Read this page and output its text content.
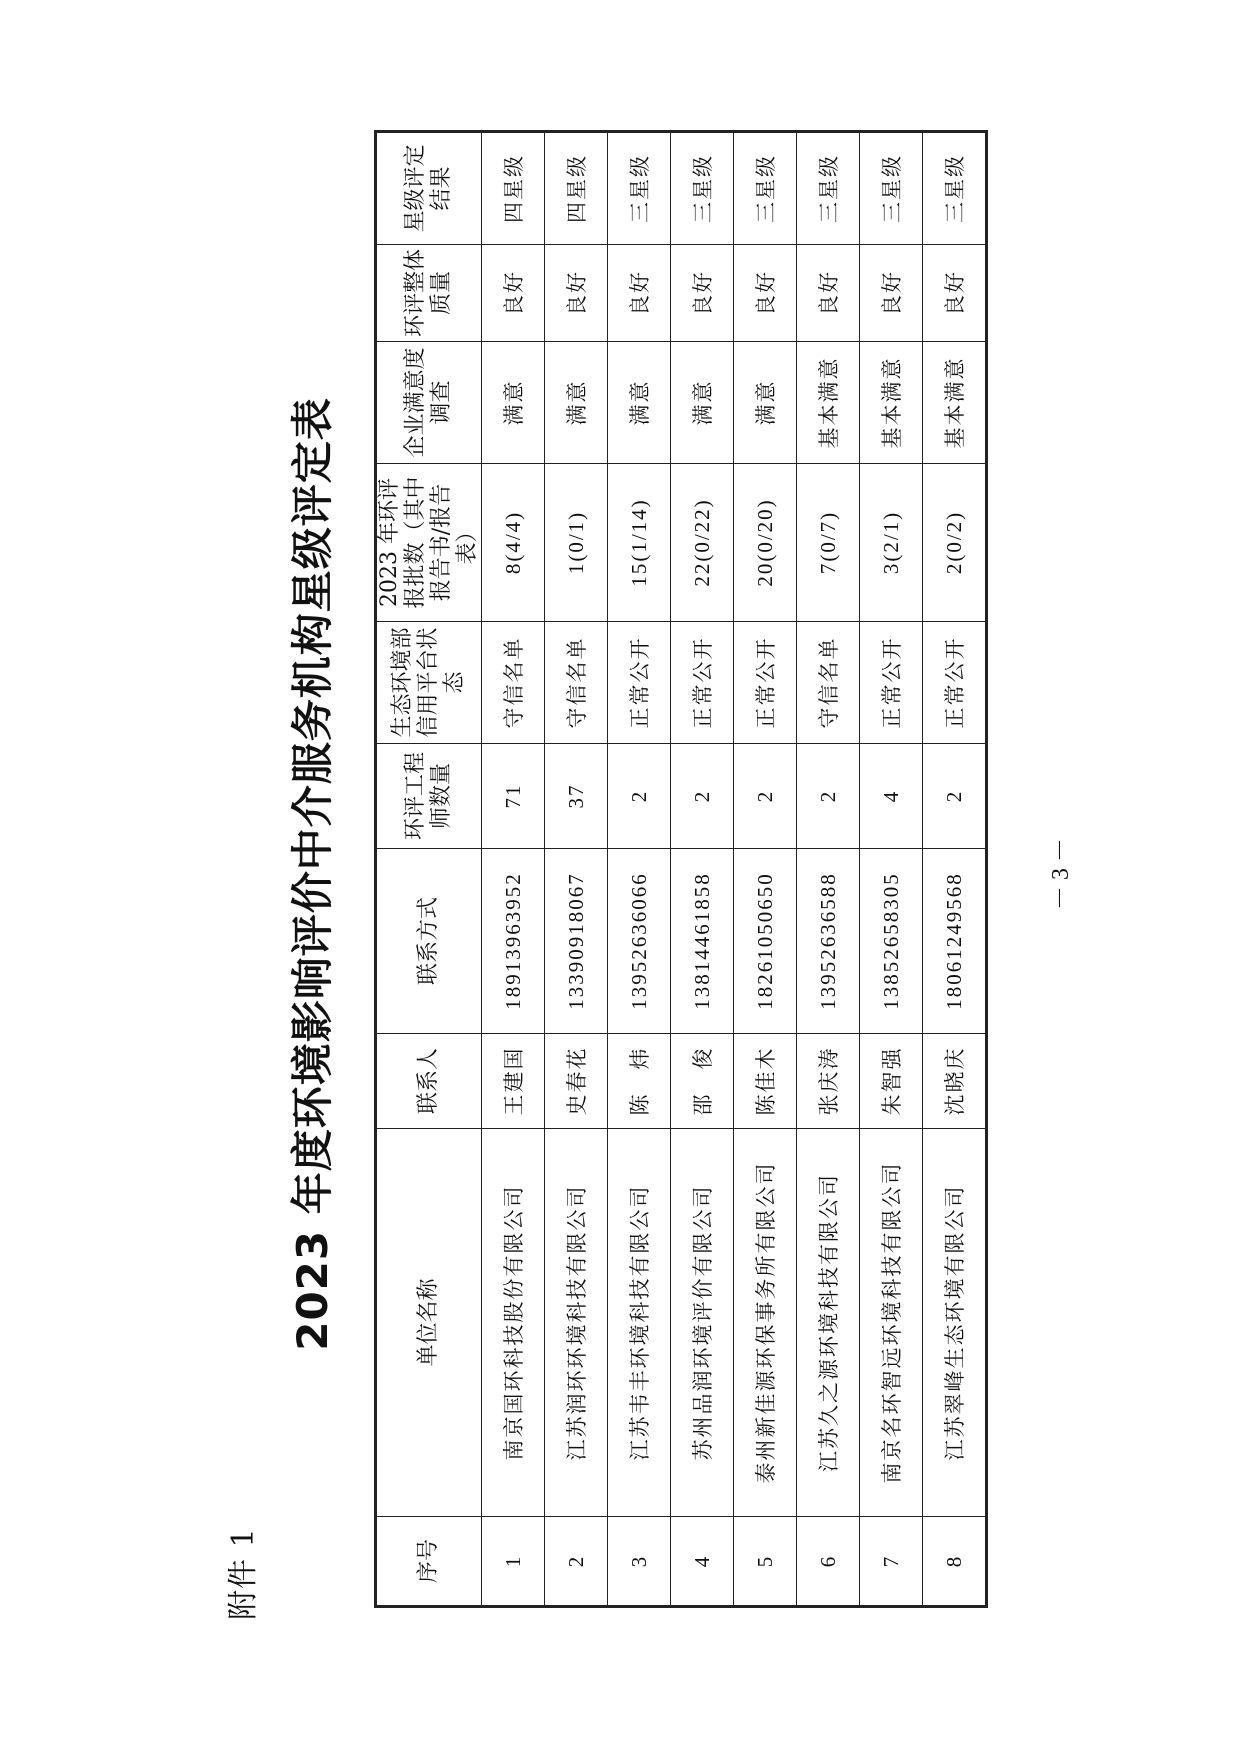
附件 1
2023 年度环境影响评价中介服务机构星级评定表
序号	单位名称	联系人	联系方式	环评工程师数量	生态环境部信用平台状态	2023 年环评报批数（其中报告书/报告表）	企业满意度调查	环评整体质量	星级评定结果
1	南京国环科技股份有限公司	王建国	18913963952	71	守信名单	8(4/4)	满意	良好	四星级
2	江苏润环环境科技有限公司	史春花	13390918067	37	守信名单	1(0/1)	满意	良好	四星级
3	江苏韦丰环境科技有限公司	陈　炜	13952636066	2	正常公开	15(1/14)	满意	良好	三星级
4	苏州品润环境评价有限公司	邵　俊	13814461858	2	正常公开	22(0/22)	满意	良好	三星级
5	泰州新佳源环保事务所有限公司	陈佳木	18261050650	2	正常公开	20(0/20)	满意	良好	三星级
6	江苏久之源环境科技有限公司	张庆涛	13952636588	2	守信名单	7(0/7)	基本满意	良好	三星级
7	南京名环智远环境科技有限公司	朱智强	13852658305	4	正常公开	3(2/1)	基本满意	良好	三星级
8	江苏翠峰生态环境有限公司	沈晓庆	18061249568	2	正常公开	2(0/2)	基本满意	良好	三星级
－ 3 －
